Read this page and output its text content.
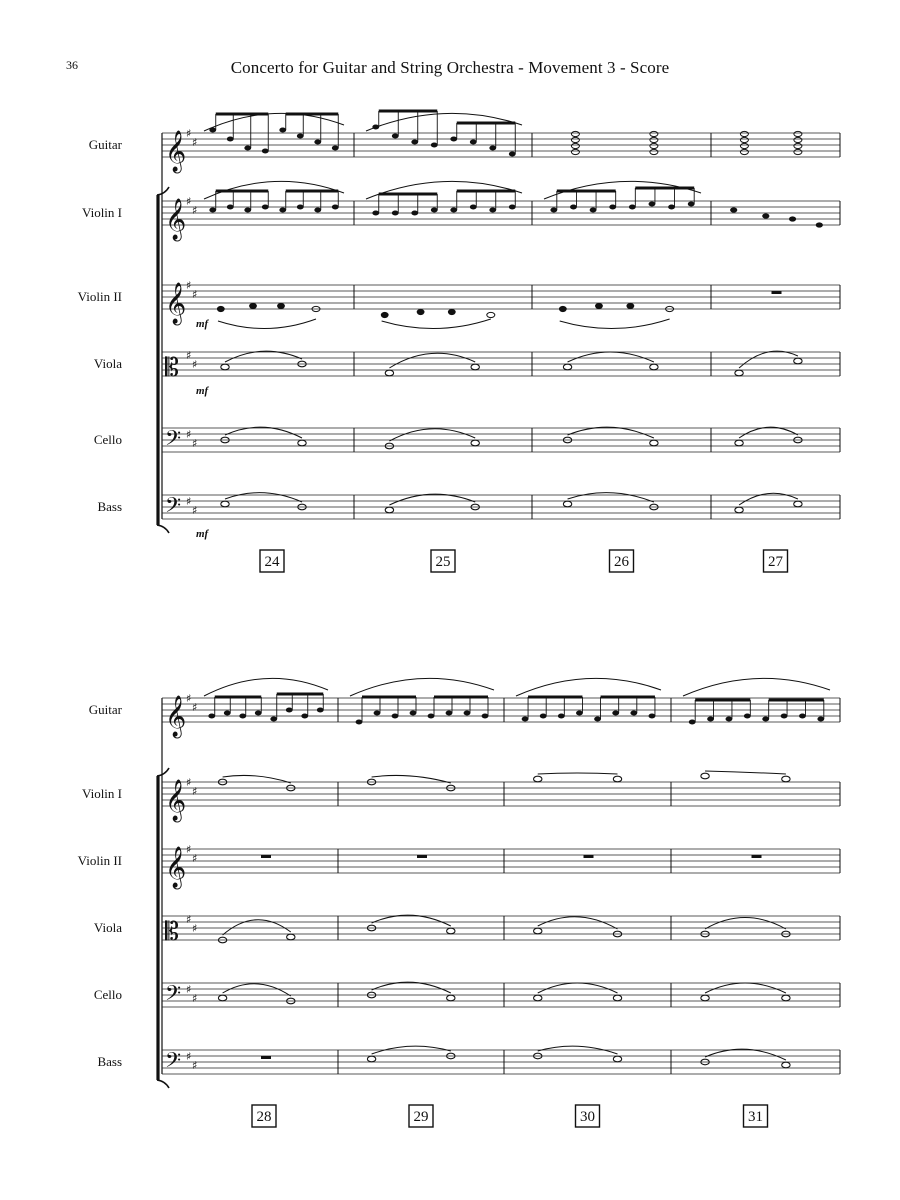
36	Concerto for Guitar and String Orchestra - Movement 3 - Score
Guitar 𝄞 ♯
♯
Violin I 𝄞 ♯
♯
Violin II 𝄞 ♯
♯
mf
Viola 𝄡 ♯
♯
mf
Cello 𝄢 ♯
♯
Bass 𝄢 ♯
♯
mf
24	25	26	27
Guitar 𝄞 ♯
♯
Violin I 𝄞 ♯
♯
Violin II 𝄞 ♯
♯
Viola 𝄡 ♯
♯
Cello 𝄢 ♯
♯
Bass 𝄢 ♯
♯
28	29	30	31
